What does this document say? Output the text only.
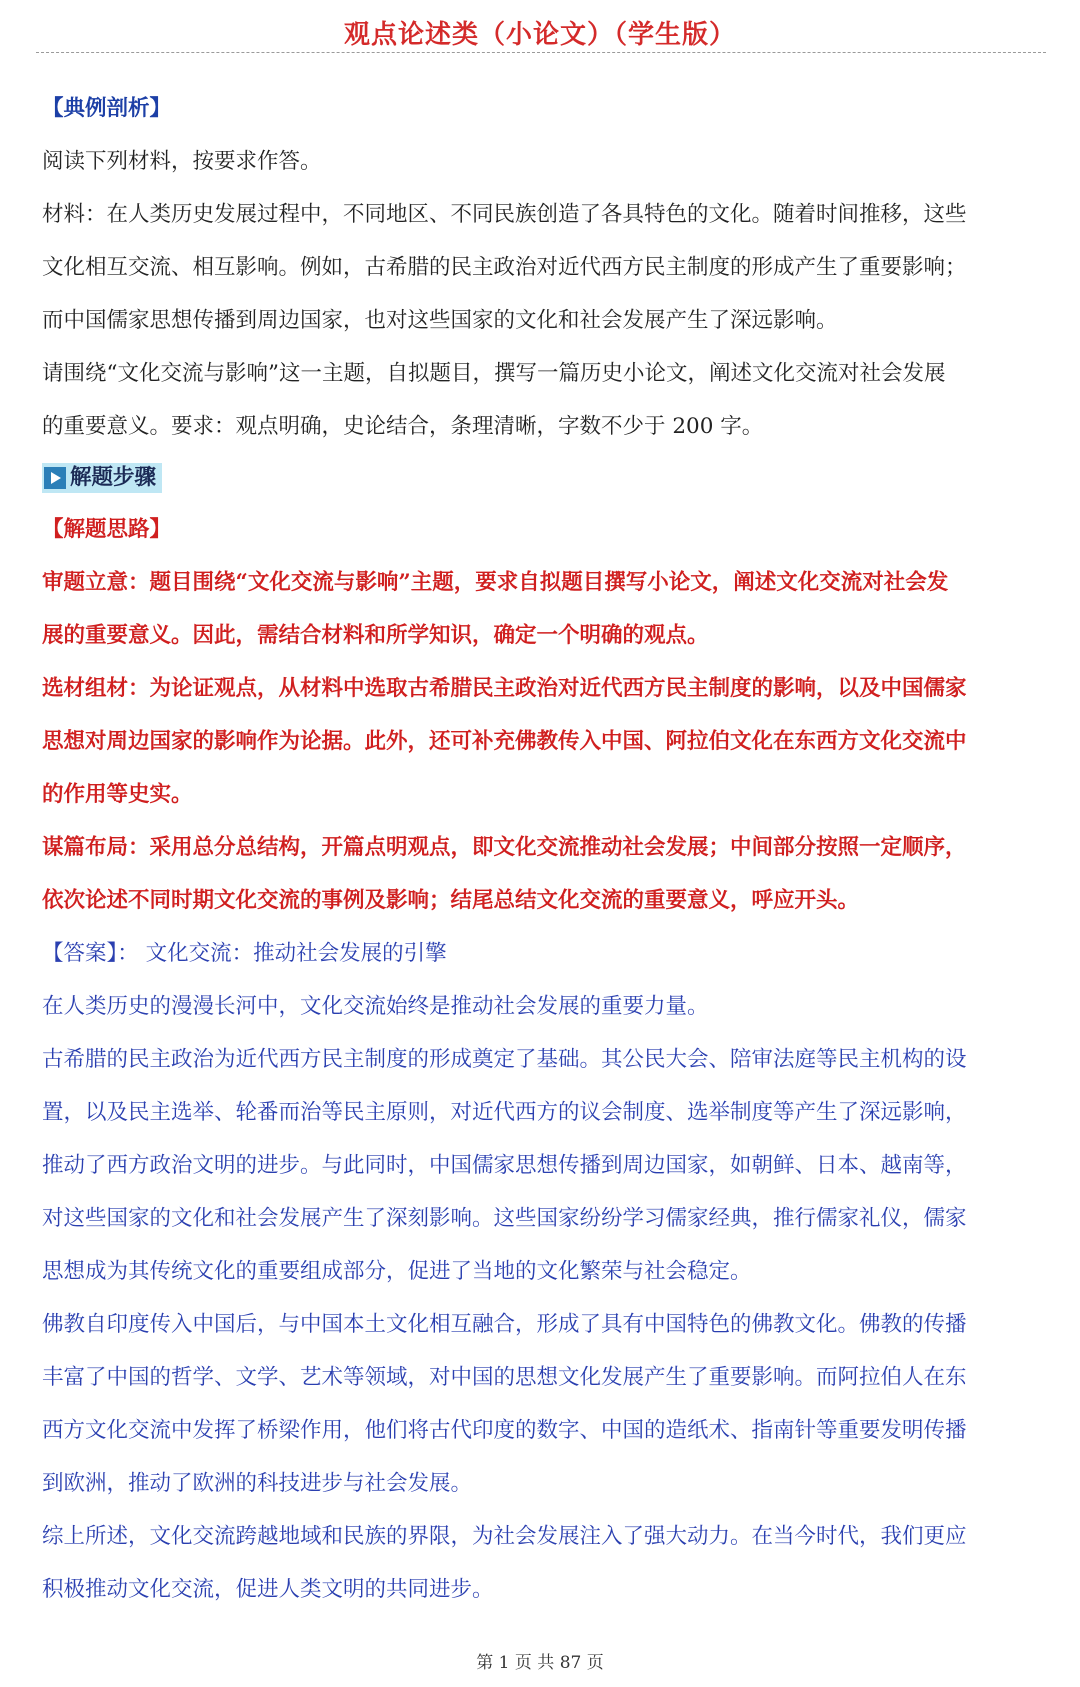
观点论述类（小论文）（学生版）
【典例剖析】
阅读下列材料，按要求作答。
材料：在人类历史发展过程中，不同地区、不同民族创造了各具特色的文化。随着时间推移，这些
文化相互交流、相互影响。例如，古希腊的民主政治对近代西方民主制度的形成产生了重要影响；
而中国儒家思想传播到周边国家，也对这些国家的文化和社会发展产生了深远影响。
请围绕“文化交流与影响”这一主题，自拟题目，撰写一篇历史小论文，阐述文化交流对社会发展
的重要意义。要求：观点明确，史论结合，条理清晰，字数不少于 200 字。
解题步骤
【解题思路】
审题立意：题目围绕“文化交流与影响”主题，要求自拟题目撰写小论文，阐述文化交流对社会发
展的重要意义。因此，需结合材料和所学知识，确定一个明确的观点。
选材组材：为论证观点，从材料中选取古希腊民主政治对近代西方民主制度的影响，以及中国儒家
思想对周边国家的影响作为论据。此外，还可补充佛教传入中国、阿拉伯文化在东西方文化交流中
的作用等史实。
谋篇布局：采用总分总结构，开篇点明观点，即文化交流推动社会发展；中间部分按照一定顺序，
依次论述不同时期文化交流的事例及影响；结尾总结文化交流的重要意义，呼应开头。
【答案】： 文化交流：推动社会发展的引擎
在人类历史的漫漫长河中，文化交流始终是推动社会发展的重要力量。
古希腊的民主政治为近代西方民主制度的形成奠定了基础。其公民大会、陪审法庭等民主机构的设
置，以及民主选举、轮番而治等民主原则，对近代西方的议会制度、选举制度等产生了深远影响，
推动了西方政治文明的进步。与此同时，中国儒家思想传播到周边国家，如朝鲜、日本、越南等，
对这些国家的文化和社会发展产生了深刻影响。这些国家纷纷学习儒家经典，推行儒家礼仪，儒家
思想成为其传统文化的重要组成部分，促进了当地的文化繁荣与社会稳定。
佛教自印度传入中国后，与中国本土文化相互融合，形成了具有中国特色的佛教文化。佛教的传播
丰富了中国的哲学、文学、艺术等领域，对中国的思想文化发展产生了重要影响。而阿拉伯人在东
西方文化交流中发挥了桥梁作用，他们将古代印度的数字、中国的造纸术、指南针等重要发明传播
到欧洲，推动了欧洲的科技进步与社会发展。
综上所述，文化交流跨越地域和民族的界限，为社会发展注入了强大动力。在当今时代，我们更应
积极推动文化交流，促进人类文明的共同进步。
第 1 页 共 87 页
